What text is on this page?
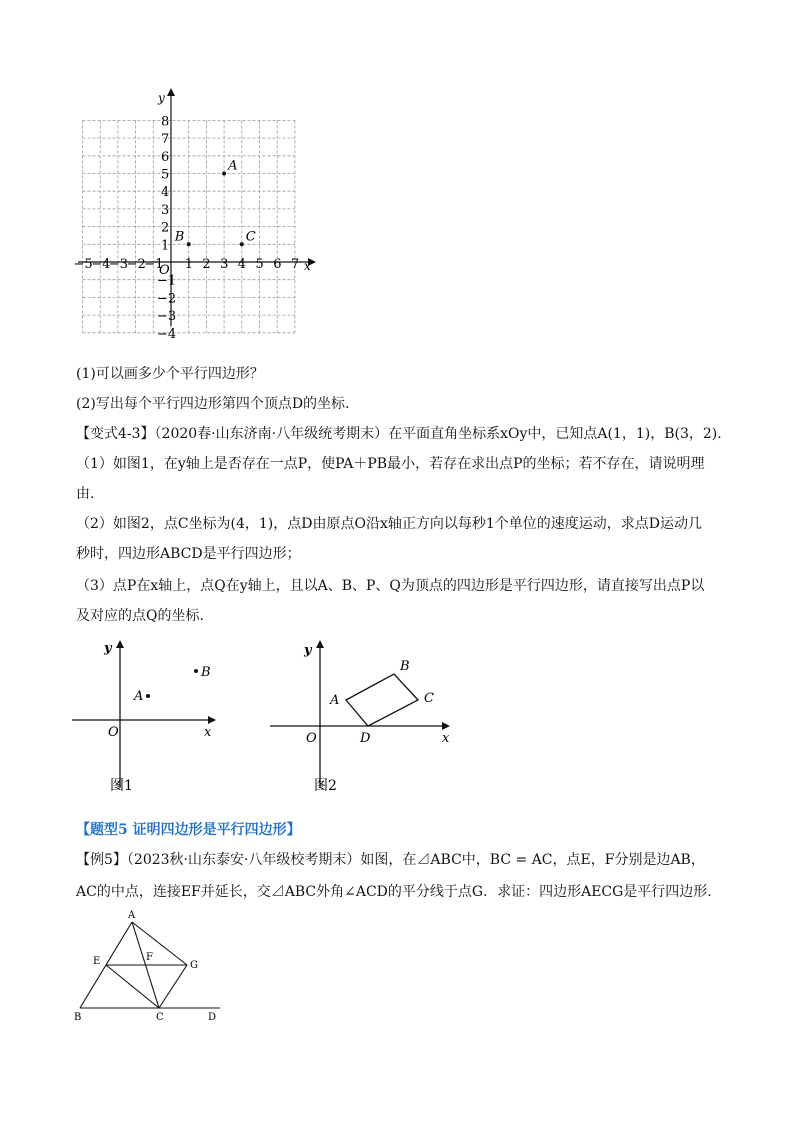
x
y
O
−5
−4
−3
−2
−1 1 2 3 4 5 6 7
8
7
6
5
4
3
2
1
−1
−2
−3
−4
A
B	C
(1)可以画多少个平行四边形？
(2)写出每个平行四边形第四个顶点D的坐标.
【变式4-3】（2020春·山东济南·八年级统考期末）在平面直角坐标系xOy中，已知点A(1，1)，B(3，2).
（1）如图1，在y轴上是否存在一点P，使PA＋PB最小，若存在求出点P的坐标；若不存在，请说明理
由.
（2）如图2，点C坐标为(4，1)，点D由原点O沿x轴正方向以每秒1个单位的速度运动，求点D运动几
秒时，四边形ABCD是平行四边形；
（3）点P在x轴上，点Q在y轴上，且以A、B、P、Q为顶点的四边形是平行四边形，请直接写出点P以
及对应的点Q的坐标.
y
x
O
A
B
图1
y
x
O
A
B
C
D
图2
【题型5 证明四边形是平行四边形】
【例5】（2023秋·山东泰安·八年级校考期末）如图，在⊿ABC中，BC = AC，点E，F分别是边AB，
AC的中点，连接EF并延长，交⊿ABC外角∠ACD的平分线于点G．求证：四边形AECG是平行四边形.
A
B	C	D
E	F
G
